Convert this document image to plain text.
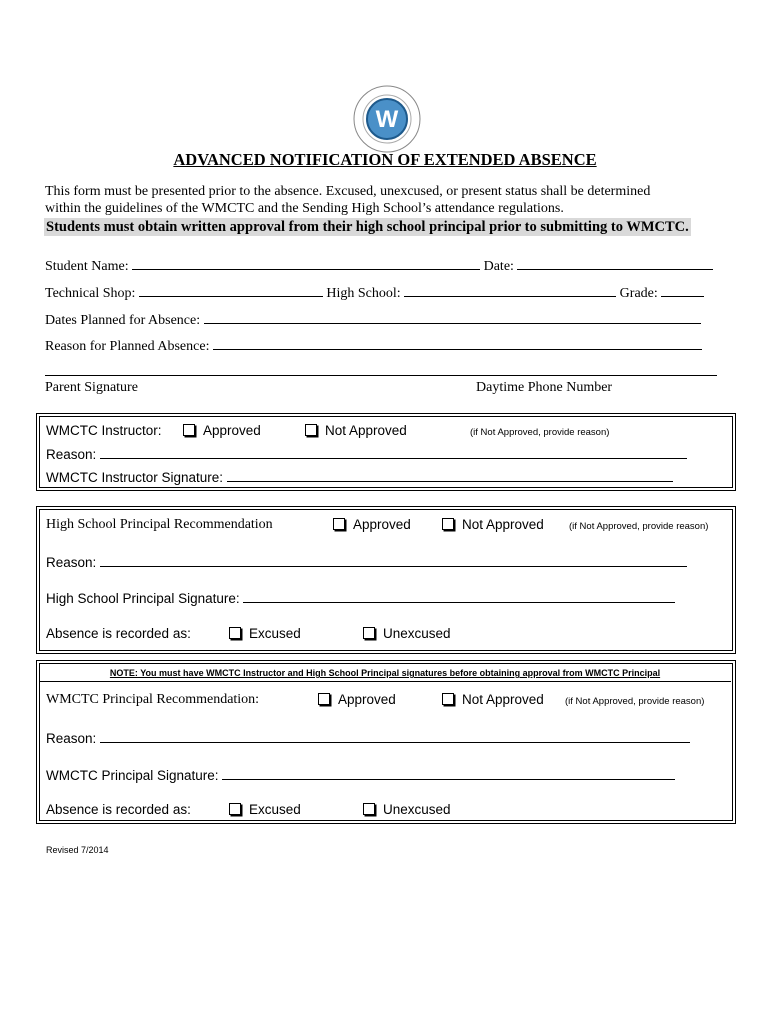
W
ADVANCED NOTIFICATION OF EXTENDED ABSENCE
This form must be presented prior to the absence. Excused, unexcused, or present status shall be determined
within the guidelines of the WMCTC and the Sending High School’s attendance regulations.
Students must obtain written approval from their high school principal prior to submitting to WMCTC.
Student Name:	Date:
Technical Shop:	High School:	Grade:
Dates Planned for Absence:
Reason for Planned Absence:
Parent Signature	Daytime Phone Number
WMCTC Instructor:	Approved	Not Approved	(if Not Approved, provide reason)
Reason:
WMCTC Instructor Signature:
High School Principal Recommendation	Approved	Not Approved	(if Not Approved, provide reason)
Reason:
High School Principal Signature:
Absence is recorded as:	Excused	Unexcused
NOTE: You must have WMCTC Instructor and High School Principal signatures before obtaining approval from WMCTC Principal
WMCTC Principal Recommendation:	Approved	Not Approved (if Not Approved, provide reason)
Reason:
WMCTC Principal Signature:
Absence is recorded as:	Excused	Unexcused
Revised 7/2014
